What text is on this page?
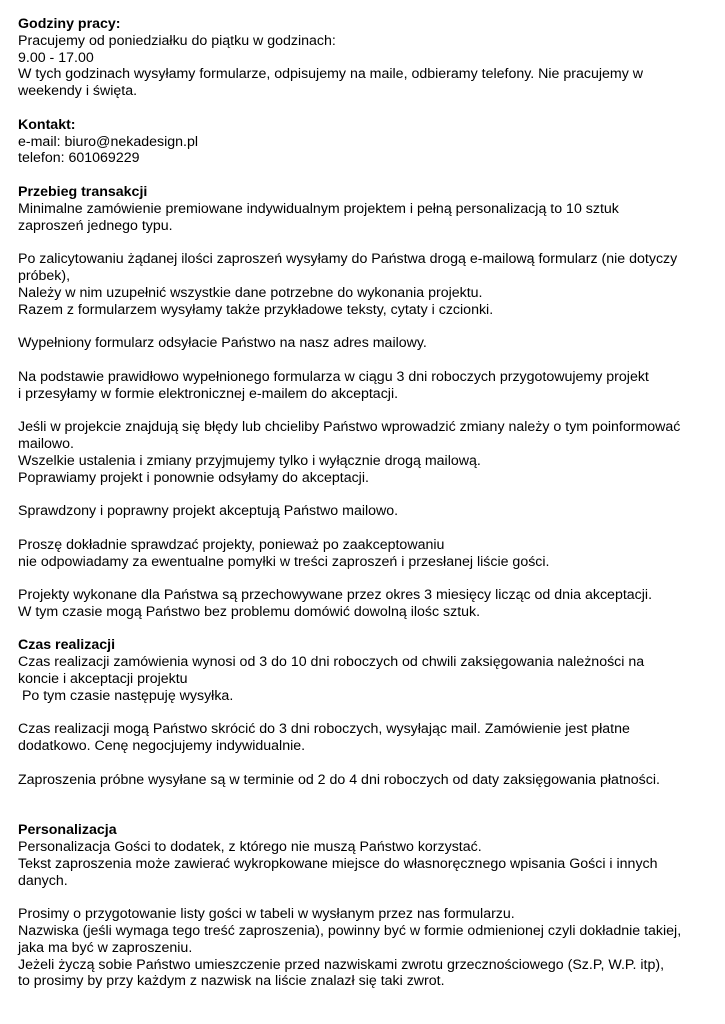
Godziny pracy:
Pracujemy od poniedziałku do piątku w godzinach:
9.00 - 17.00
W tych godzinach wysyłamy formularze, odpisujemy na maile, odbieramy telefony. Nie pracujemy w
weekendy i święta.
Kontakt:
e-mail: biuro@nekadesign.pl
telefon: 601069229
Przebieg transakcji
Minimalne zamówienie premiowane indywidualnym projektem i pełną personalizacją to 10 sztuk
zaproszeń jednego typu.
Po zalicytowaniu żądanej ilości zaproszeń wysyłamy do Państwa drogą e-mailową formularz (nie dotyczy
próbek),
Należy w nim uzupełnić wszystkie dane potrzebne do wykonania projektu.
Razem z formularzem wysyłamy także przykładowe teksty, cytaty i czcionki.
Wypełniony formularz odsyłacie Państwo na nasz adres mailowy.
Na podstawie prawidłowo wypełnionego formularza w ciągu 3 dni roboczych przygotowujemy projekt
i przesyłamy w formie elektronicznej e-mailem do akceptacji.
Jeśli w projekcie znajdują się błędy lub chcieliby Państwo wprowadzić zmiany należy o tym poinformować
mailowo.
Wszelkie ustalenia i zmiany przyjmujemy tylko i wyłącznie drogą mailową.
Poprawiamy projekt i ponownie odsyłamy do akceptacji.
Sprawdzony i poprawny projekt akceptują Państwo mailowo.
Proszę dokładnie sprawdzać projekty, ponieważ po zaakceptowaniu
nie odpowiadamy za ewentualne pomyłki w treści zaproszeń i przesłanej liście gości.
Projekty wykonane dla Państwa są przechowywane przez okres 3 miesięcy licząc od dnia akceptacji.
W tym czasie mogą Państwo bez problemu domówić dowolną ilośc sztuk.
Czas realizacji
Czas realizacji zamówienia wynosi od 3 do 10 dni roboczych od chwili zaksięgowania należności na
koncie i akceptacji projektu
Po tym czasie następuję wysyłka.
Czas realizacji mogą Państwo skrócić do 3 dni roboczych, wysyłając mail. Zamówienie jest płatne
dodatkowo. Cenę negocjujemy indywidualnie.
Zaproszenia próbne wysyłane są w terminie od 2 do 4 dni roboczych od daty zaksięgowania płatności.
Personalizacja
Personalizacja Gości to dodatek, z którego nie muszą Państwo korzystać.
Tekst zaproszenia może zawierać wykropkowane miejsce do własnoręcznego wpisania Gości i innych
danych.
Prosimy o przygotowanie listy gości w tabeli w wysłanym przez nas formularzu.
Nazwiska (jeśli wymaga tego treść zaproszenia), powinny być w formie odmienionej czyli dokładnie takiej,
jaka ma być w zaproszeniu.
Jeżeli życzą sobie Państwo umieszczenie przed nazwiskami zwrotu grzecznościowego (Sz.P, W.P. itp),
to prosimy by przy każdym z nazwisk na liście znalazł się taki zwrot.
